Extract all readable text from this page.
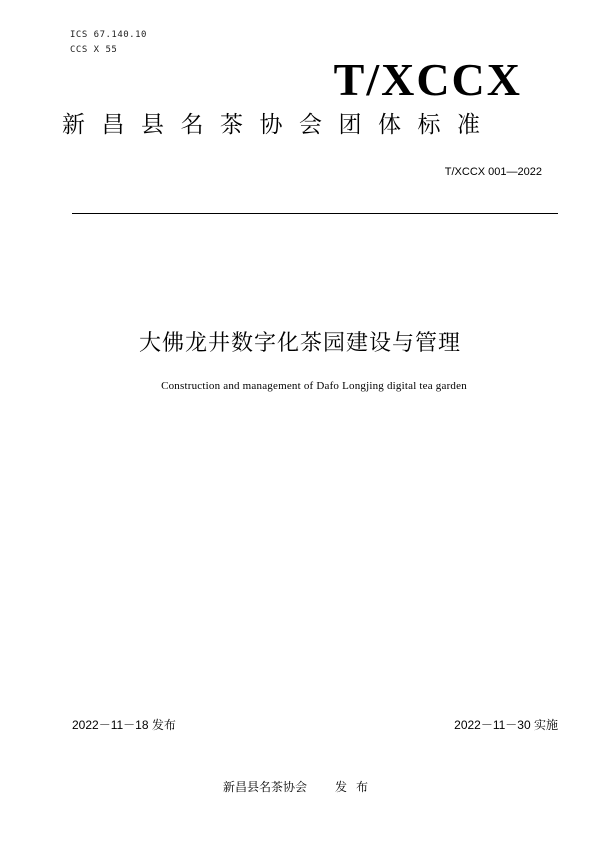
ICS 67.140.10
CCS X 55
T/XCCX
新昌县名茶协会团体标准
T/XCCX 001—2022
大佛龙井数字化茶园建设与管理
Construction and management of Dafo Longjing digital tea garden
2022－11－18 发布	2022－11－30 实施
新昌县名茶协会 发布
